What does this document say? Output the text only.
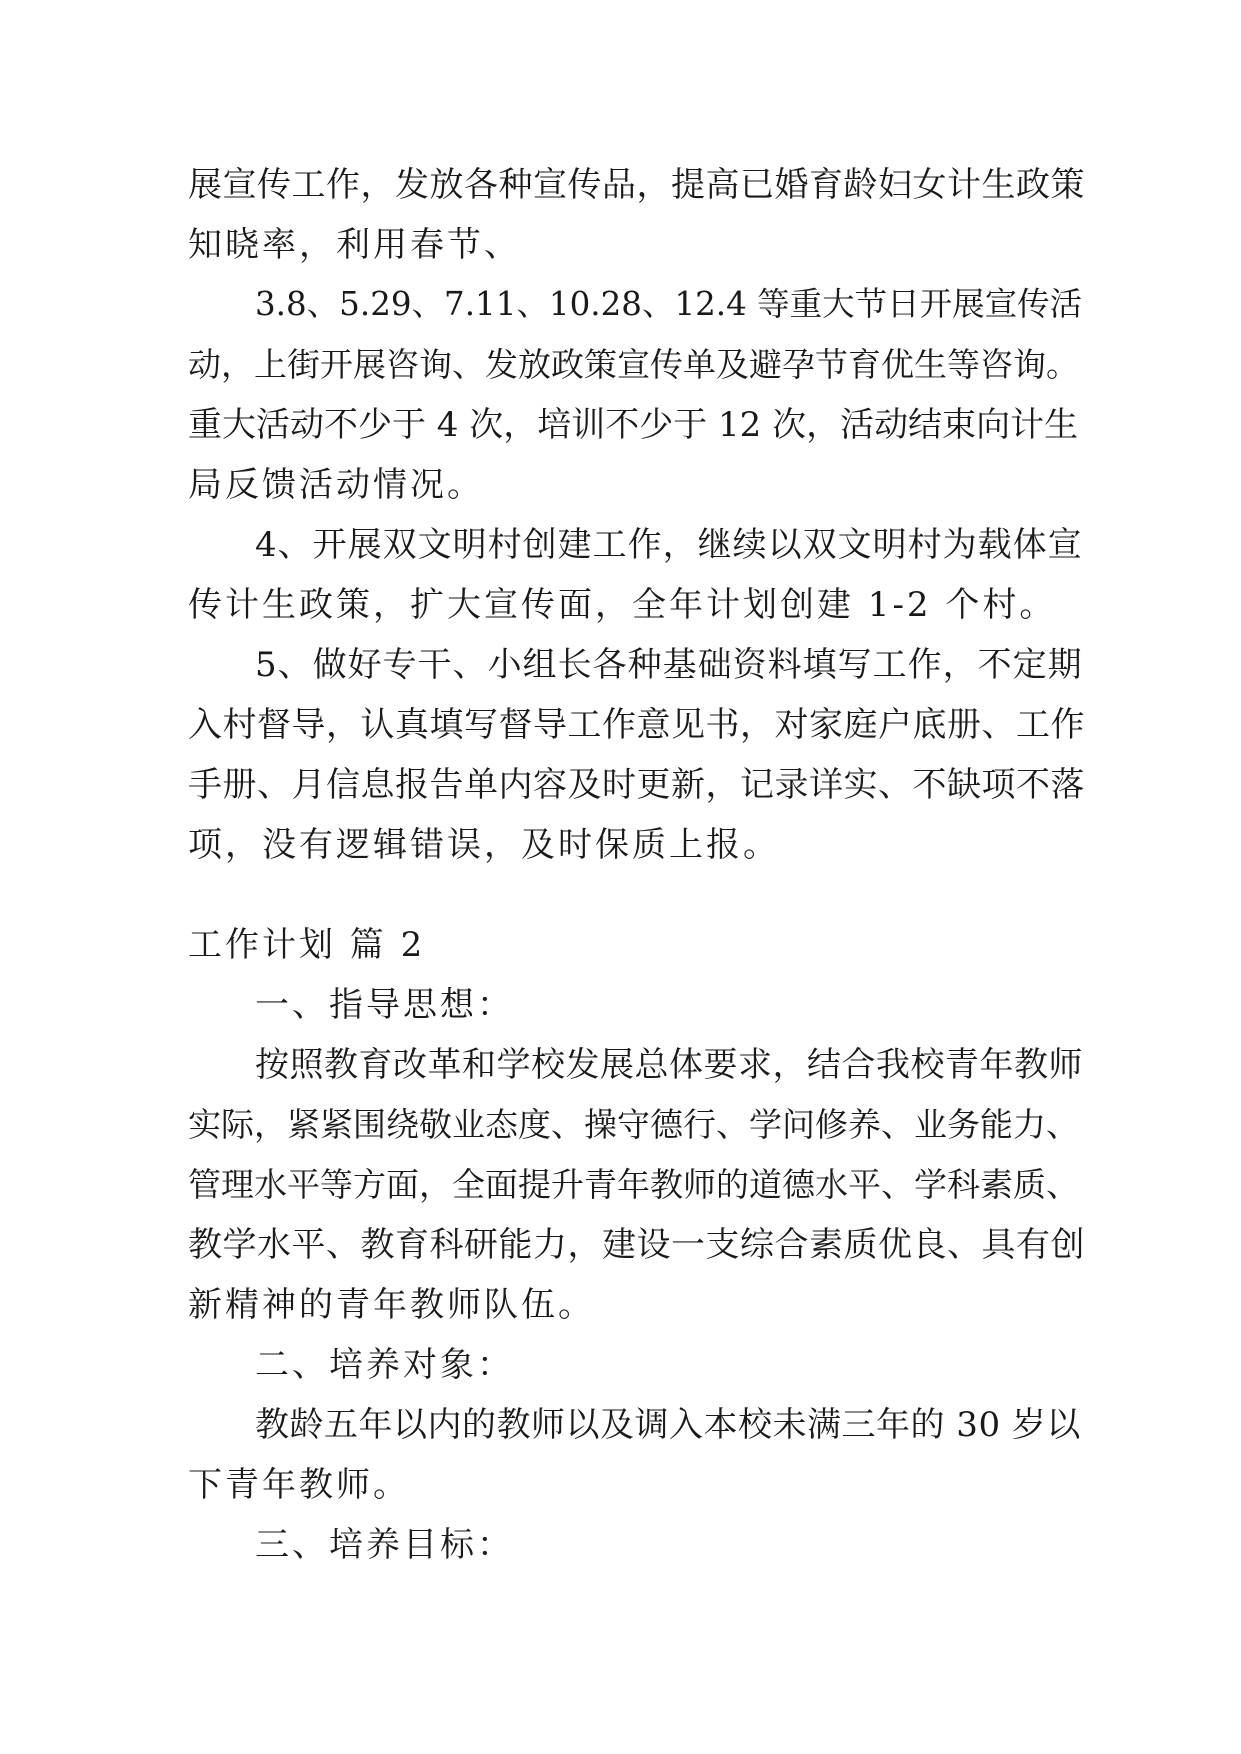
展宣传工作，发放各种宣传品，提高已婚育龄妇女计生政策
知晓率，利用春节、
3.8、5.29、7.11、10.28、12.4 等重大节日开展宣传活
动，上街开展咨询、发放政策宣传单及避孕节育优生等咨询。
重大活动不少于 4 次，培训不少于 12 次，活动结束向计生
局反馈活动情况。
4、开展双文明村创建工作，继续以双文明村为载体宣
传计生政策，扩大宣传面，全年计划创建 1-2 个村。
5、做好专干、小组长各种基础资料填写工作，不定期
入村督导，认真填写督导工作意见书，对家庭户底册、工作
手册、月信息报告单内容及时更新，记录详实、不缺项不落
项，没有逻辑错误，及时保质上报。
工作计划 篇 2
一、指导思想：
按照教育改革和学校发展总体要求，结合我校青年教师
实际，紧紧围绕敬业态度、操守德行、学问修养、业务能力、
管理水平等方面，全面提升青年教师的道德水平、学科素质、
教学水平、教育科研能力，建设一支综合素质优良、具有创
新精神的青年教师队伍。
二、培养对象：
教龄五年以内的教师以及调入本校未满三年的 30 岁以
下青年教师。
三、培养目标：
